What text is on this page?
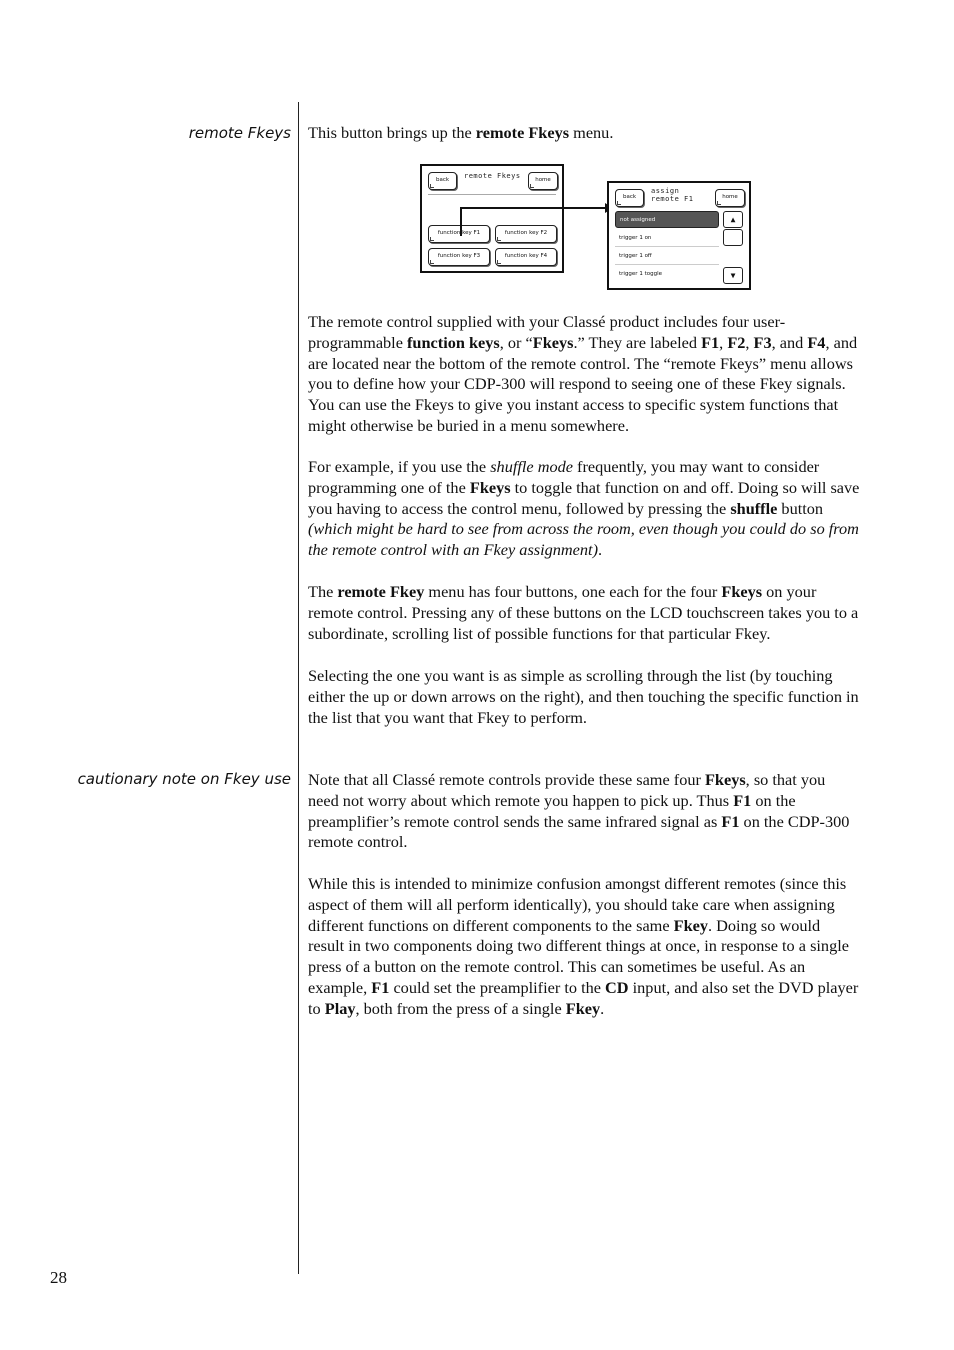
remote Fkeys
cautionary note on Fkey use

This button brings up the remote Fkeys menu.

back	remote Fkeys	home
function key F1	function key F2
function key F3	function key F4
back
assign
remote F1	home
not assigned
trigger 1 on
trigger 1 off
trigger 1 toggle
▲
▼

The remote control supplied with your Classé product includes four user-programmable function keys, or “Fkeys.” They are labeled F1, F2, F3, and F4, and are located near the bottom of the remote control. The “remote Fkeys” menu allows you to define how your CDP-300 will respond to seeing one of these Fkey signals. You can use the Fkeys to give you instant access to specific system functions that might otherwise be buried in a menu somewhere.

For example, if you use the shuffle mode frequently, you may want to consider programming one of the Fkeys to toggle that function on and off. Doing so will save you having to access the control menu, followed by pressing the shuffle button (which might be hard to see from across the room, even though you could do so from the remote control with an Fkey assignment).

The remote Fkey menu has four buttons, one each for the four Fkeys on your remote control. Pressing any of these buttons on the LCD touchscreen takes you to a subordinate, scrolling list of possible functions for that particular Fkey.

Selecting the one you want is as simple as scrolling through the list (by touching either the up or down arrows on the right), and then touching the specific function in the list that you want that Fkey to perform.

Note that all Classé remote controls provide these same four Fkeys, so that you need not worry about which remote you happen to pick up. Thus F1 on the preamplifier’s remote control sends the same infrared signal as F1 on the CDP-300 remote control.

While this is intended to minimize confusion amongst different remotes (since this aspect of them will all perform identically), you should take care when assigning different functions on different components to the same Fkey. Doing so would result in two components doing two different things at once, in response to a single press of a button on the remote control. This can sometimes be useful. As an example, F1 could set the preamplifier to the CD input, and also set the DVD player to Play, both from the press of a single Fkey.

28
